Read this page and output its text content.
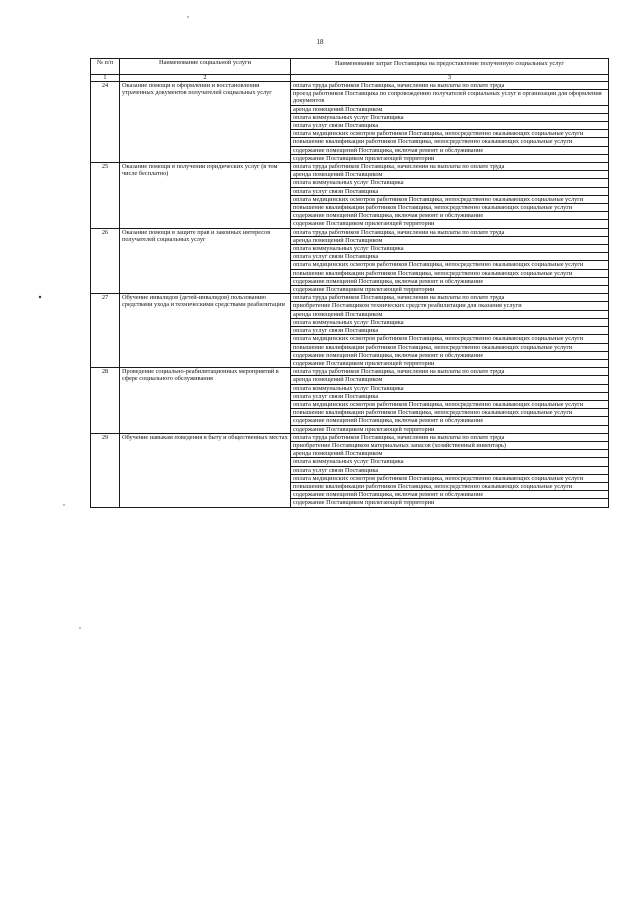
18
№ п/п	Наименование социальной услуги	Наименование затрат Поставщика на предоставление полученную социальных услуг
1	2	3
24	Оказание помощи в оформлении и восстановлении утраченных документов получателей социальных услуг	оплата труда работников Поставщика, начисления на выплаты по оплате труда
		проезд работников Поставщика по сопровождению получателей социальных услуг в организации для оформления документов
		аренда помещений Поставщиком
		оплата коммунальных услуг Поставщика
		оплата услуг связи Поставщика
		оплата медицинских осмотров работников Поставщика, непосредственно оказывающих социальные услуги
		повышение квалификации работников Поставщика, непосредственно оказывающих социальные услуги
		содержание помещений Поставщика, включая ремонт и обслуживание
		содержание Поставщиком прилегающей территории
25	Оказание помощи в получении юридических услуг (в том числе бесплатно)	оплата труда работников Поставщика, начисления на выплаты по оплате труда
		аренда помещений Поставщиком
		оплата коммунальных услуг Поставщика
		оплата услуг связи Поставщика
		оплата медицинских осмотров работников Поставщика, непосредственно оказывающих социальные услуги
		повышение квалификации работников Поставщика, непосредственно оказывающих социальные услуги
		содержание помещений Поставщика, включая ремонт и обслуживание
		содержание Поставщиком прилегающей территории
26	Оказание помощи в защите прав и законных интересов получателей социальных услуг	оплата труда работников Поставщика, начисления на выплаты по оплате труда
		аренда помещений Поставщиком
		оплата коммунальных услуг Поставщика
		оплата услуг связи Поставщика
		оплата медицинских осмотров работников Поставщика, непосредственно оказывающих социальные услуги
		повышение квалификации работников Поставщика, непосредственно оказывающих социальные услуги
		содержание помещений Поставщика, включая ремонт и обслуживание
		содержание Поставщиком прилегающей территории
27	Обучение инвалидов (детей-инвалидов) пользованию средствами ухода и техническими средствами реабилитации	оплата труда работников Поставщика, начисления на выплаты по оплате труда
		приобретение Поставщиком технических средств реабилитации для оказания услуги
		аренда помещений Поставщиком
		оплата коммунальных услуг Поставщика
		оплата услуг связи Поставщика
		оплата медицинских осмотров работников Поставщика, непосредственно оказывающих социальные услуги
		повышение квалификации работников Поставщика, непосредственно оказывающих социальные услуги
		содержание помещений Поставщика, включая ремонт и обслуживание
		содержание Поставщиком прилегающей территории
28	Проведение социально-реабилитационных мероприятий в сфере социального обслуживания	оплата труда работников Поставщика, начисления на выплаты по оплате труда
		аренда помещений Поставщиком
		оплата коммунальных услуг Поставщика
		оплата услуг связи Поставщика
		оплата медицинских осмотров работников Поставщика, непосредственно оказывающих социальные услуги
		повышение квалификации работников Поставщика, непосредственно оказывающих социальные услуги
		содержание помещений Поставщика, включая ремонт и обслуживание
		содержание Поставщиком прилегающей территории
29	Обучение навыкам поведения в быту и общественных местах	оплата труда работников Поставщика, начисления на выплаты по оплате труда
		приобретение Поставщиком материальных запасов (хозяйственный инвентарь)
		аренда помещений Поставщиком
		оплата коммунальных услуг Поставщика
		оплата услуг связи Поставщика
		оплата медицинских осмотров работников Поставщика, непосредственно оказывающих социальные услуги
		повышение квалификации работников Поставщика, непосредственно оказывающих социальные услуги
		содержание помещений Поставщика, включая ремонт и обслуживание
		содержание Поставщиком прилегающей территории
